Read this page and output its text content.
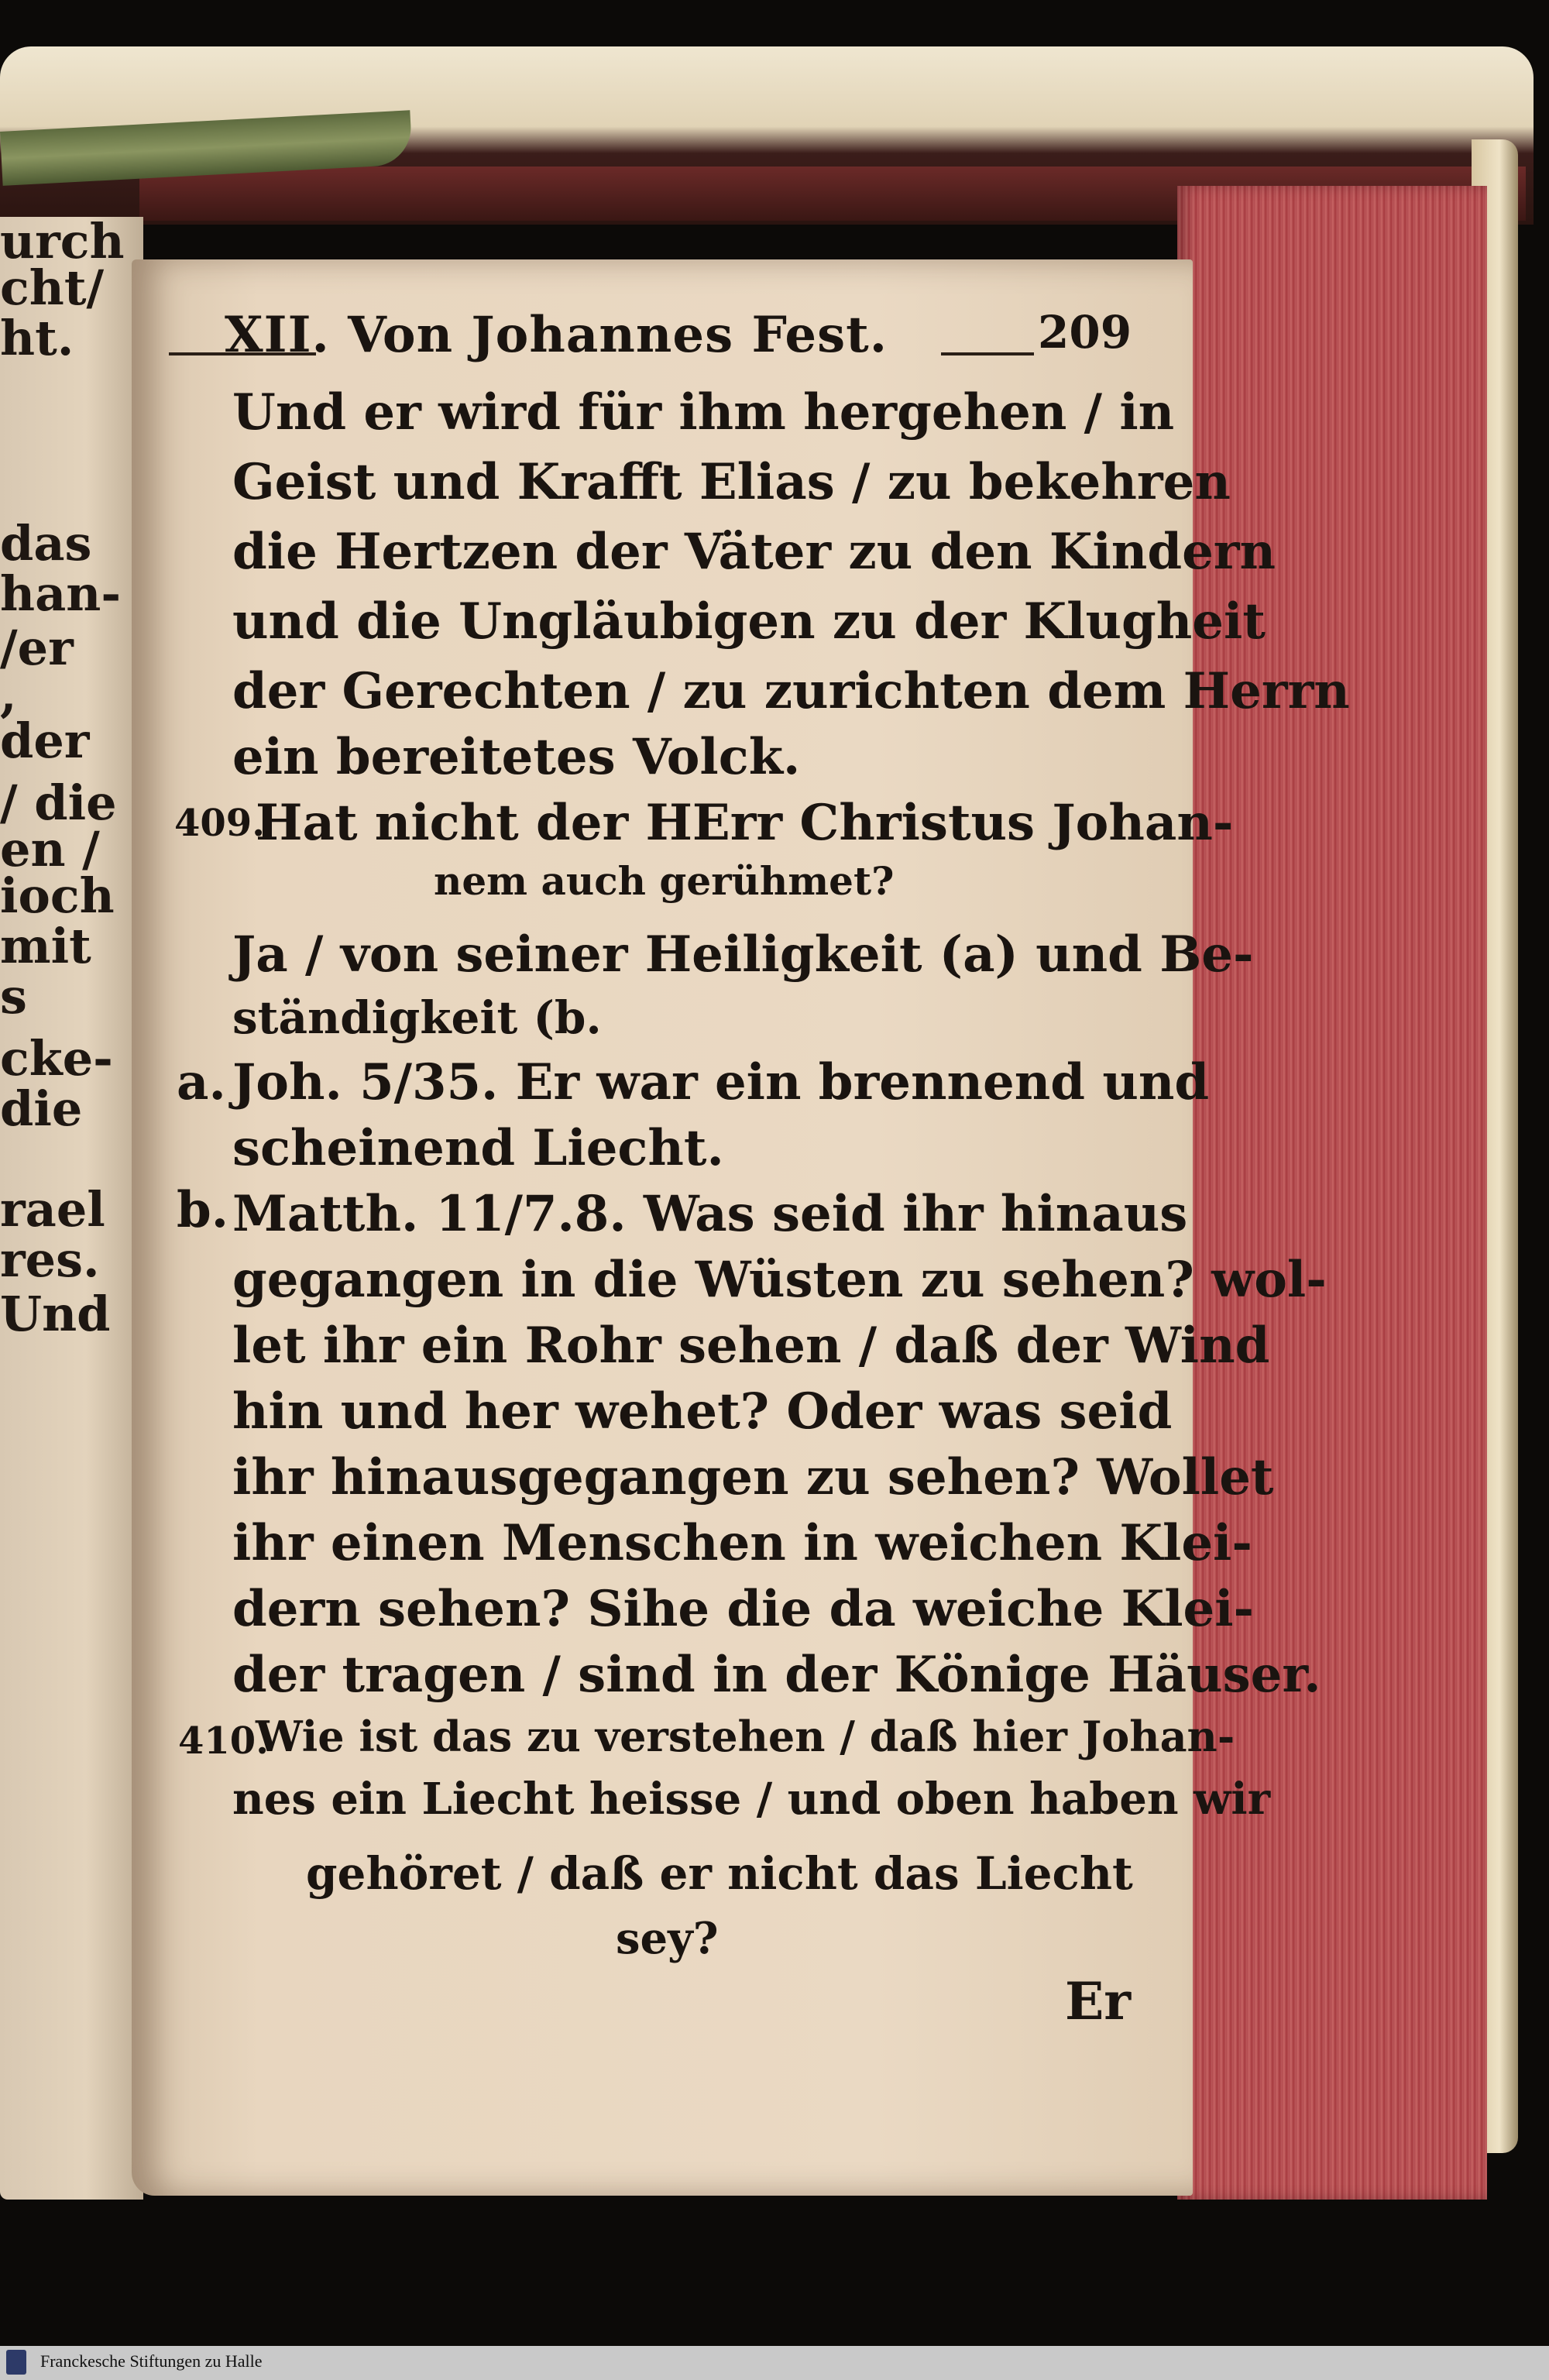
urch
cht/
ht.
das
han-
/er
,
der
/ die
en /
ioch
mit
s
cke-
die
rael
res.
Und
XII. Von Johannes Fest.	209
Und er wird für ihm hergehen / in
Geist und Krafft Elias / zu bekehren
die Hertzen der Väter zu den Kindern
und die Ungläubigen zu der Klugheit
der Gerechten / zu zurichten dem Herrn
ein bereitetes Volck.
409.
Hat nicht der HErr Christus Johan-
nem auch gerühmet?
Ja / von seiner Heiligkeit (a) und Be-
ständigkeit (b.
a. Joh. 5/35. Er war ein brennend und
scheinend Liecht.
b. Matth. 11/7.8. Was seid ihr hinaus
gegangen in die Wüsten zu sehen? wol-
let ihr ein Rohr sehen / daß der Wind
hin und her wehet? Oder was seid
ihr hinausgegangen zu sehen? Wollet
ihr einen Menschen in weichen Klei-
dern sehen? Sihe die da weiche Klei-
der tragen / sind in der Könige Häuser.
410.
Wie ist das zu verstehen / daß hier Johan-
nes ein Liecht heisse / und oben haben wir
gehöret / daß er nicht das Liecht
sey?
Er
Franckesche Stiftungen zu Halle
